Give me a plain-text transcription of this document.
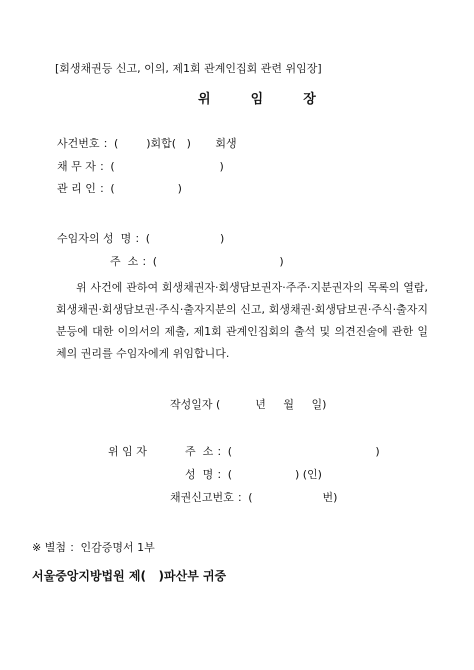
[회생채권등 신고, 이의, 제1회 관계인집회 관련 위임장]
위  임  장
사건번호 ：(        )회합(   )       회생
채 무 자 ：(                              )
관 리 인 ：(                  )
수임자의 성  명 ：(                    )
주  소 ：(                                   )
위 사건에 관하여 회생채권자·회생담보권자·주주·지분권자의 목록의 열람, 회생채권·회생담보권·주식·출자지분의 신고, 회생채권·회생담보권·주식·출자지분등에 대한 이의서의 제출, 제1회 관계인집회의 출석 및 의견진술에 관한 일체의 권리를 수임자에게 위임합니다.
작성일자 (          년     월     일)
위 임 자	주  소 ：(                                         )
성  명 ：(                  ) (인)
채권신고번호 ：(                    번)
※ 별첨 ：인감증명서 1부
서울중앙지방법원 제(   )파산부 귀중
